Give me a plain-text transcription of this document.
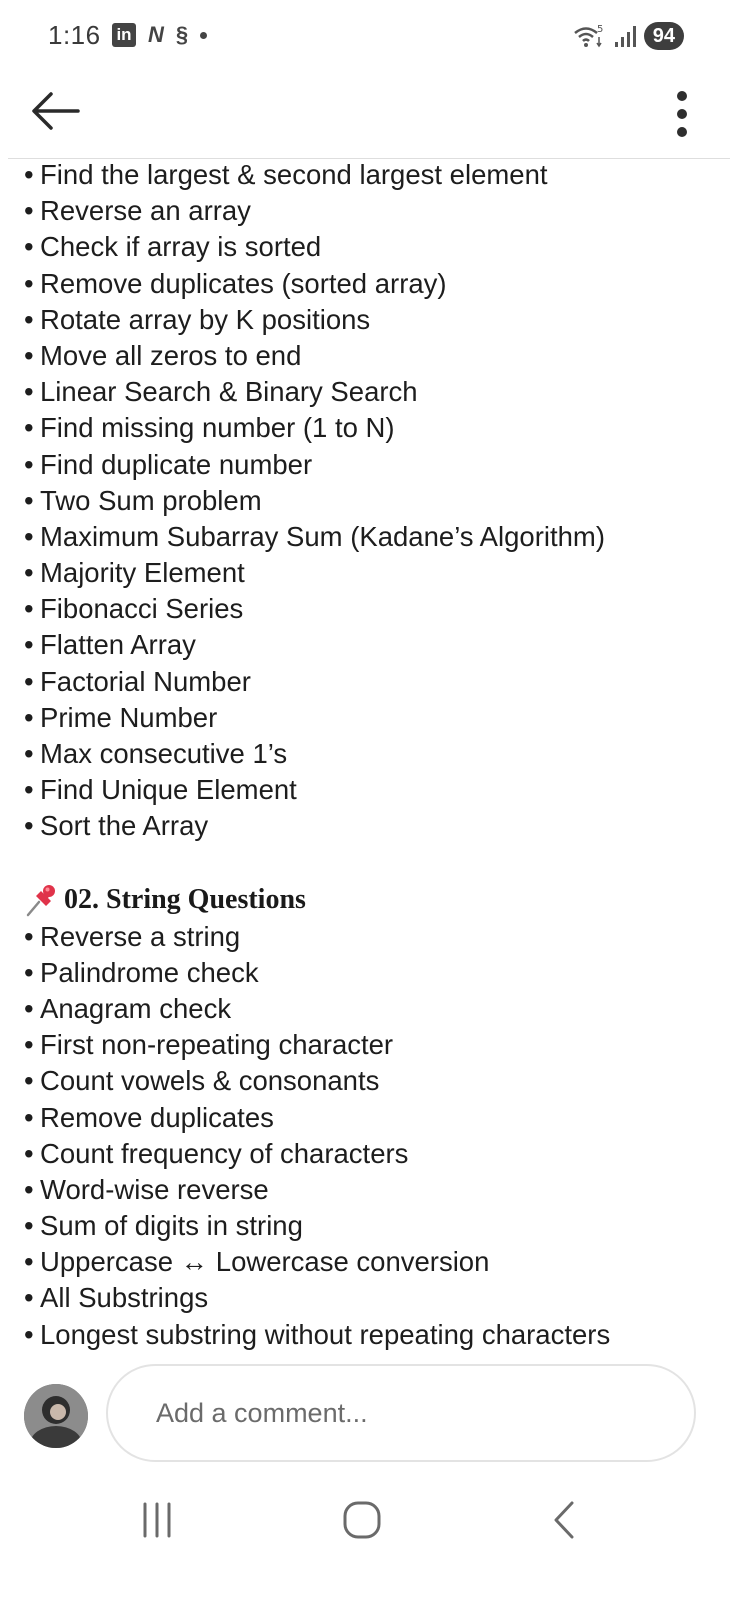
1:16 in N §	5	94
• Find the largest & second largest element
• Reverse an array
• Check if array is sorted
• Remove duplicates (sorted array)
• Rotate array by K positions
• Move all zeros to end
• Linear Search & Binary Search
• Find missing number (1 to N)
• Find duplicate number
• Two Sum problem
• Maximum Subarray Sum (Kadane’s Algorithm)
• Majority Element
• Fibonacci Series
• Flatten Array
• Factorial Number
• Prime Number
• Max consecutive 1’s
• Find Unique Element
• Sort the Array
02. String Questions
• Reverse a string
• Palindrome check
• Anagram check
• First non-repeating character
• Count vowels & consonants
• Remove duplicates
• Count frequency of characters
• Word-wise reverse
• Sum of digits in string
• Uppercase ↔ Lowercase conversion
• All Substrings
• Longest substring without repeating characters
Add a comment...
